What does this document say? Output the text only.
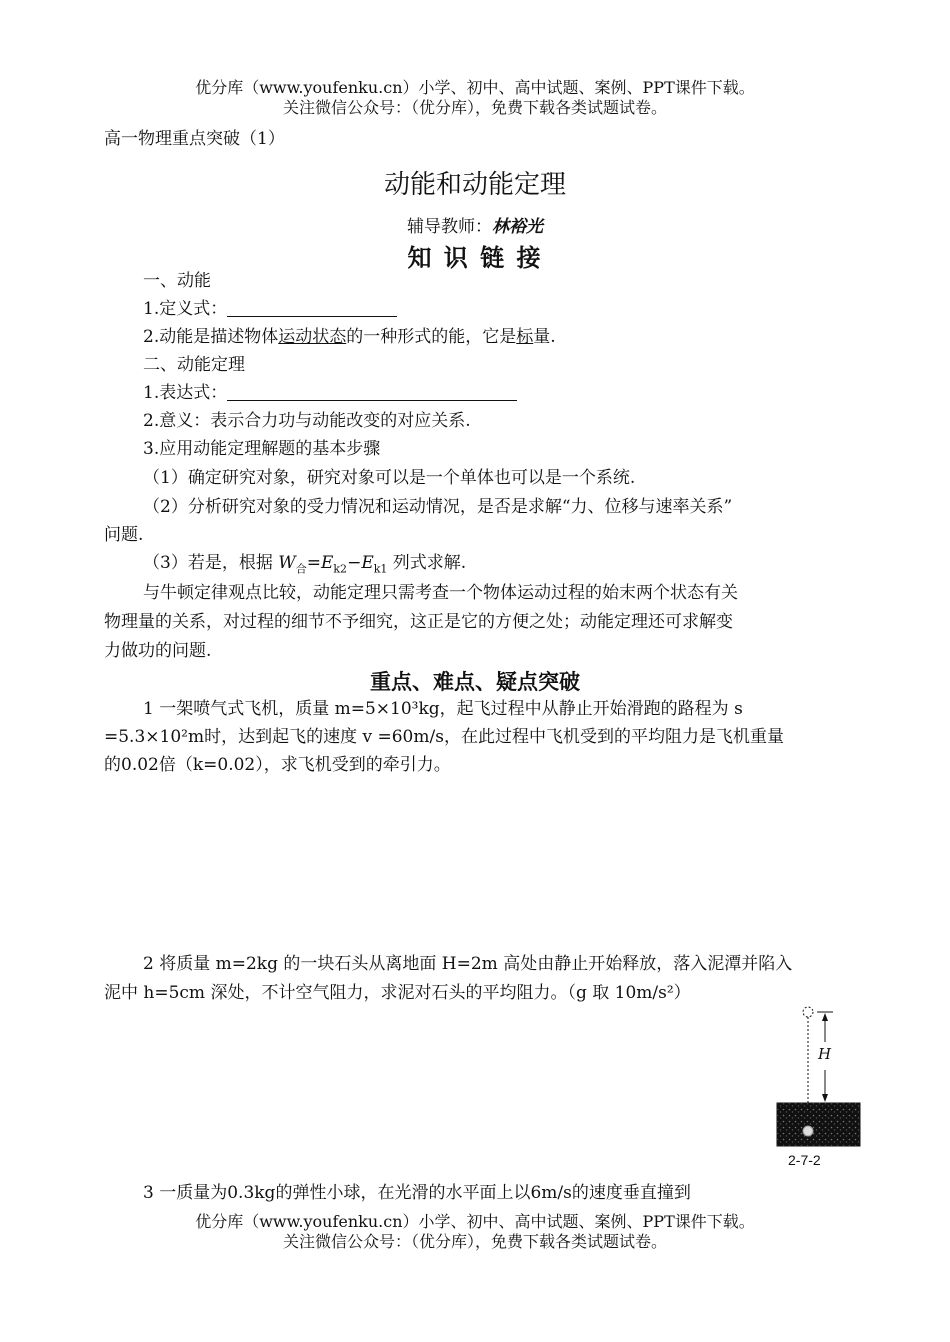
优分库（www.youfenku.cn）小学、初中、高中试题、案例、PPT课件下载。
关注微信公众号：（优分库），免费下载各类试题试卷。
高一物理重点突破（1）
动能和动能定理
辅导教师：林裕光
知 识 链 接
一、动能
1.定义式：
2.动能是描述物体运动状态的一种形式的能，它是标量.
二、动能定理
1.表达式：
2.意义：表示合力功与动能改变的对应关系.
3.应用动能定理解题的基本步骤
（1）确定研究对象，研究对象可以是一个单体也可以是一个系统.
（2）分析研究对象的受力情况和运动情况，是否是求解“力、位移与速率关系”
问题.
（3）若是，根据 $W_合=E_{k2}-E_{k1}$ 列式求解.
与牛顿定律观点比较，动能定理只需考查一个物体运动过程的始末两个状态有关
物理量的关系，对过程的细节不予细究，这正是它的方便之处；动能定理还可求解变
力做功的问题.
重点、难点、疑点突破
1 一架喷气式飞机，质量 m=5×10³kg，起飞过程中从静止开始滑跑的路程为 s
=5.3×10²m时，达到起飞的速度 v =60m/s，在此过程中飞机受到的平均阻力是飞机重量
的0.02倍（k=0.02），求飞机受到的牵引力。
2 将质量 m=2kg 的一块石头从离地面 H=2m 高处由静止开始释放，落入泥潭并陷入
泥中 h=5cm 深处，不计空气阻力，求泥对石头的平均阻力。（g 取 10m/s²）
H
2-7-2
3 一质量为0.3kg的弹性小球，在光滑的水平面上以6m/s的速度垂直撞到
优分库（www.youfenku.cn）小学、初中、高中试题、案例、PPT课件下载。
关注微信公众号：（优分库），免费下载各类试题试卷。
